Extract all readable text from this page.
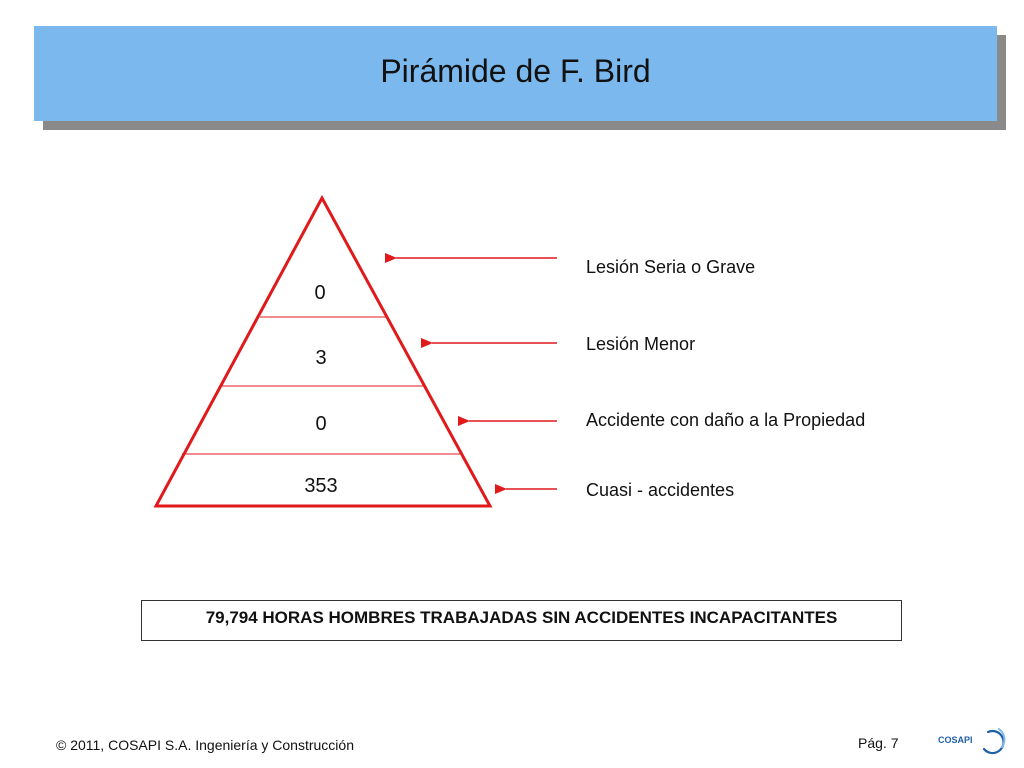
Pirámide de F. Bird
0
3
0
353
Lesión Seria o Grave
Lesión Menor
Accidente con daño a la Propiedad
Cuasi - accidentes
79,794 HORAS HOMBRES TRABAJADAS SIN ACCIDENTES INCAPACITANTES
© 2011, COSAPI S.A. Ingeniería y Construcción	Pág. 7	COSAPI
